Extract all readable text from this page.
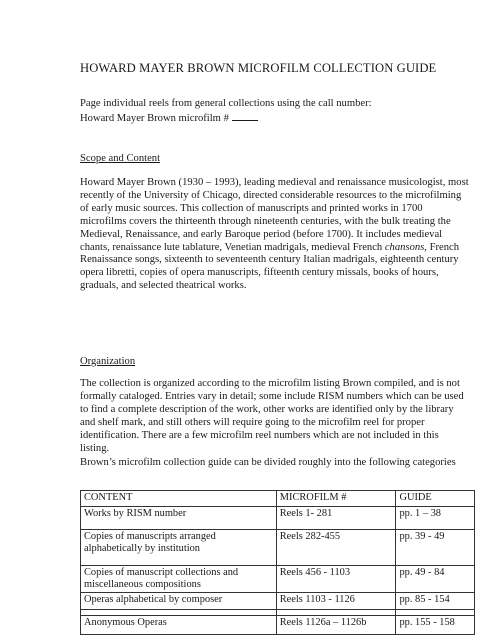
HOWARD MAYER BROWN MICROFILM COLLECTION GUIDE

Page individual reels from general collections using the call number:
Howard Mayer Brown microfilm #

Scope and Content

Howard Mayer Brown (1930 – 1993), leading medieval and renaissance musicologist, most recently of the University of Chicago, directed considerable resources to the microfilming of early music sources. This collection of manuscripts and printed works in 1700 microfilms covers the thirteenth through nineteenth centuries, with the bulk treating the Medieval, Renaissance, and early Baroque period (before 1700). It includes medieval chants, renaissance lute tablature, Venetian madrigals, medieval French chansons, French Renaissance songs, sixteenth to seventeenth century Italian madrigals, eighteenth century opera libretti, copies of opera manuscripts, fifteenth century missals, books of hours, graduals, and selected theatrical works.

Organization

The collection is organized according to the microfilm listing Brown compiled, and is not formally cataloged. Entries vary in detail; some include RISM numbers which can be used to find a complete description of the work, other works are identified only by the library and shelf mark, and still others will require going to the microfilm reel for proper identification. There are a few microfilm reel numbers which are not included in this listing.

Brown’s microfilm collection guide can be divided roughly into the following categories

CONTENT	MICROFILM #	GUIDE
Works by RISM number	Reels 1- 281	pp. 1 – 38
Copies of manuscripts arranged alphabetically by institution	Reels 282-455	pp. 39 - 49
Copies of manuscript collections and miscellaneous compositions	Reels 456 - 1103	pp. 49 - 84
Operas alphabetical by composer	Reels 1103 - 1126	pp. 85 - 154

Anonymous Operas	Reels 1126a – 1126b	pp. 155 - 158
